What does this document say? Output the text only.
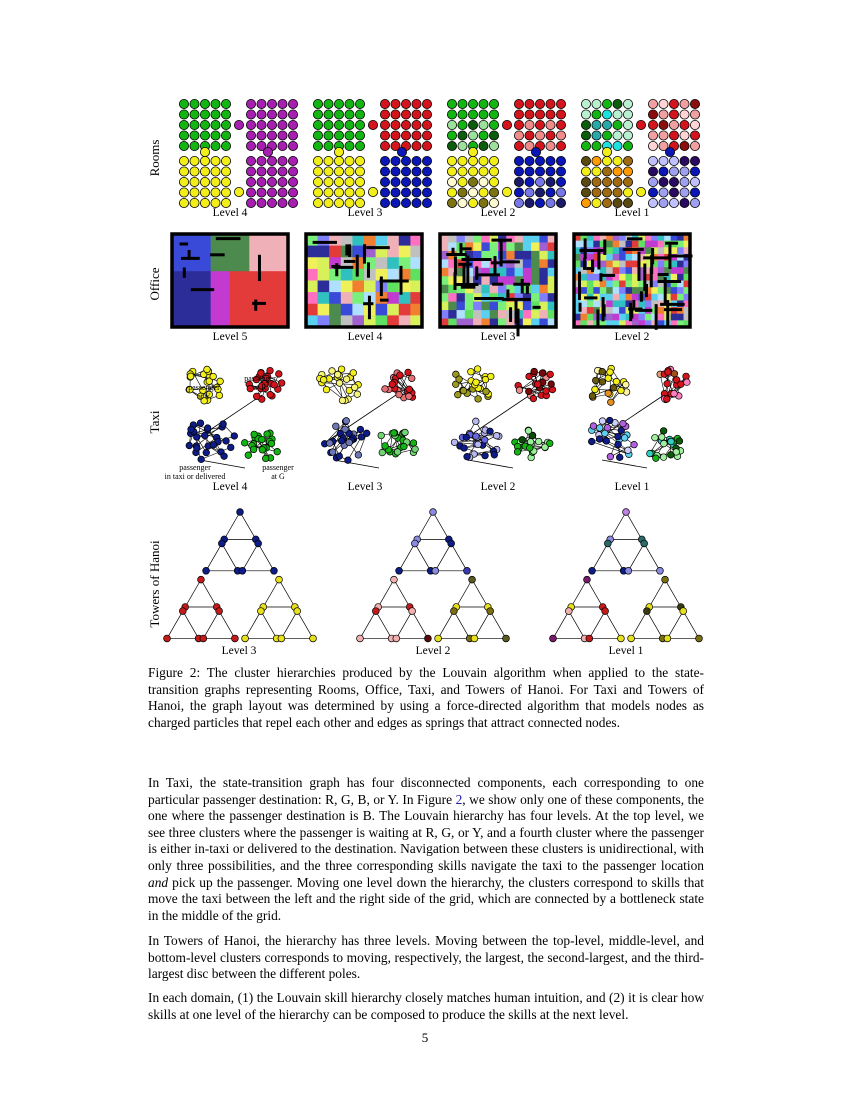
Rooms
Office
Taxi
Towers of Hanoi
Level 4	Level 3	Level 2	Level 1
Level 5	Level 4	Level 3	Level 2
passenger
at Y
passenger
at R
passenger
in taxi or delivered
passenger
at G
Level 4	Level 3	Level 2	Level 1
Level 3	Level 2	Level 1
Figure 2: The cluster hierarchies produced by the Louvain algorithm when applied to the state-transition graphs representing Rooms, Office, Taxi, and Towers of Hanoi. For Taxi and Towers of Hanoi, the graph layout was determined by using a force-directed algorithm that models nodes as charged particles that repel each other and edges as springs that attract connected nodes.

In Taxi, the state-transition graph has four disconnected components, each corresponding to one particular passenger destination: R, G, B, or Y. In Figure 2, we show only one of these components, the one where the passenger destination is B. The Louvain hierarchy has four levels. At the top level, we see three clusters where the passenger is waiting at R, G, or Y, and a fourth cluster where the passenger is either in-taxi or delivered to the destination. Navigation between these clusters is unidirectional, with only three possibilities, and the three corresponding skills navigate the taxi to the passenger location and pick up the passenger. Moving one level down the hierarchy, the clusters correspond to skills that move the taxi between the left and the right side of the grid, which are connected by a bottleneck state in the middle of the grid.

In Towers of Hanoi, the hierarchy has three levels. Moving between the top-level, middle-level, and bottom-level clusters corresponds to moving, respectively, the largest, the second-largest, and the third-largest disc between the different poles.

In each domain, (1) the Louvain skill hierarchy closely matches human intuition, and (2) it is clear how skills at one level of the hierarchy can be composed to produce the skills at the next level.

5
